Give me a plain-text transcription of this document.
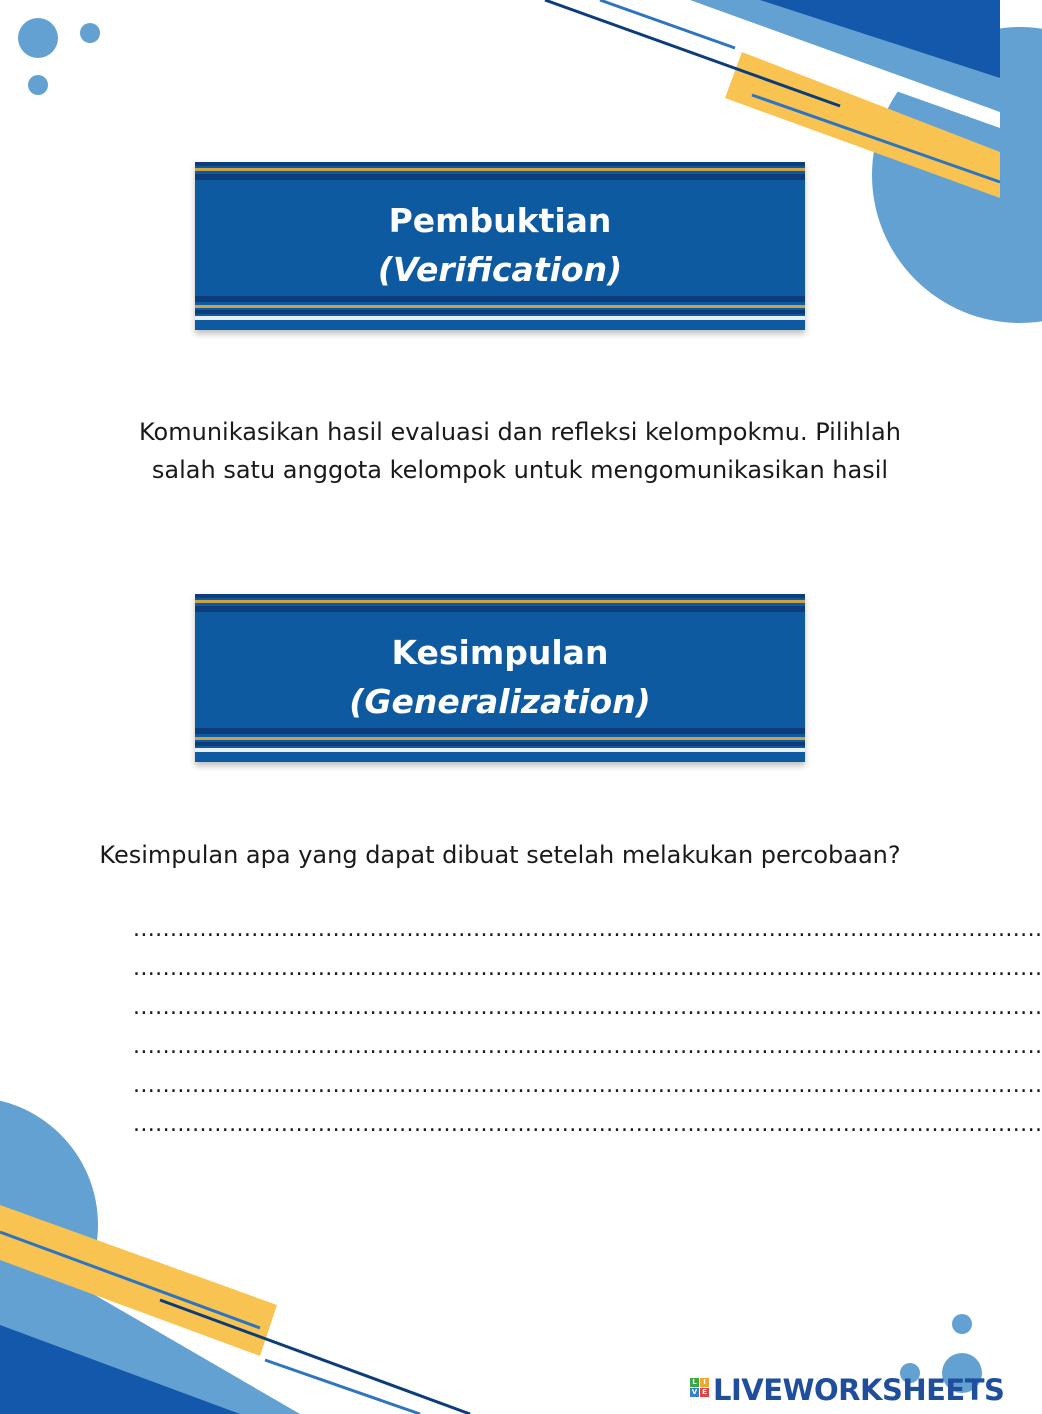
Pembuktian
(Verification)
Komunikasikan hasil evaluasi dan refleksi kelompokmu. Pilihlah salah satu anggota kelompok untuk mengomunikasikan hasil
Kesimpulan
(Generalization)
Kesimpulan apa yang dapat dibuat setelah melakukan percobaan?
...........................................................................................................................
...........................................................................................................................
...........................................................................................................................
...........................................................................................................................
...........................................................................................................................
...........................................................................................................................
L I
V E LIVEWORKSHEETS
